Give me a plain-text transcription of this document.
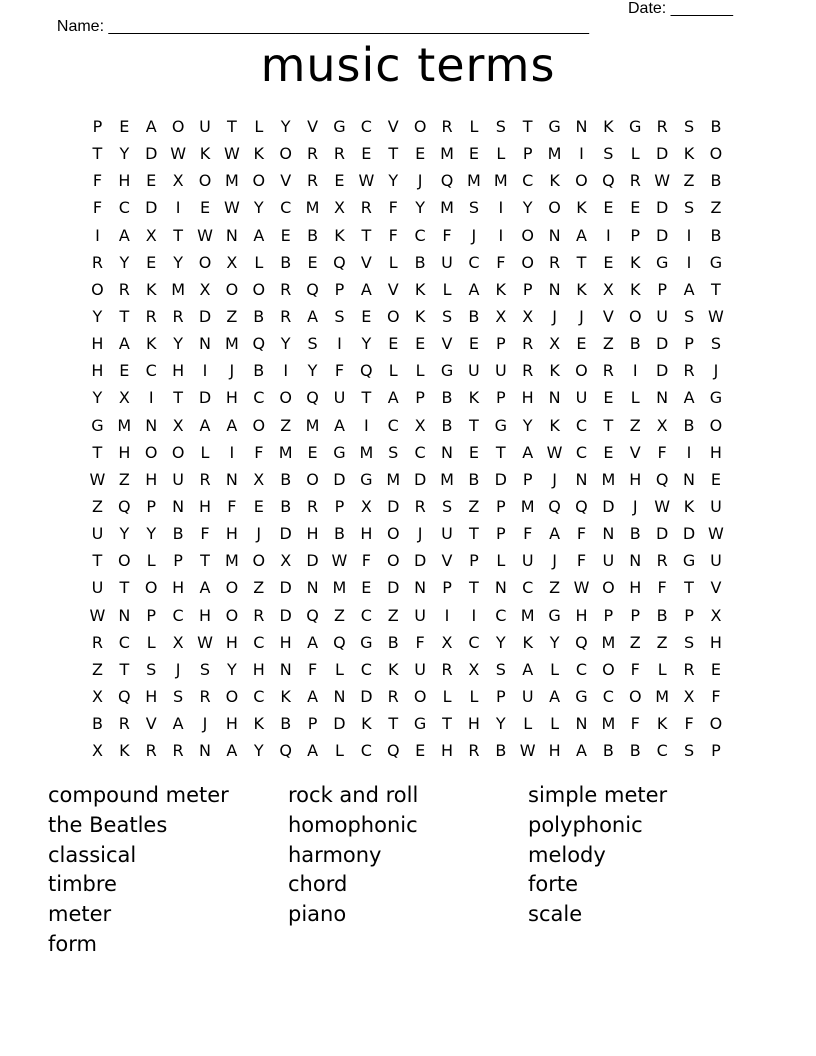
Name: ______________________________________________________

Date: _______

music terms
P	E	A O U	T	L	Y	V G C V O R	L	S	T G N K G R	S	B
T	Y D W K W K O R R	E	T	E M E	L	P M	I	S	L	D K O
F	H E	X O M O V R	E W Y	J	Q M M C	K O Q R W Z B
F	C D	I	E W Y	C M X R	F	Y M S	I	Y O K	E	E D S	Z
I	A X	T W N A	E	B	K	T	F	C	F	J	I	O N A	I	P D	I	B
R	Y	E	Y O X	L	B	E Q V	L	B U C	F O R	T	E	K G	I	G
O R	K M X O O R Q P	A V	K	L	A	K	P	N K	X	K	P	A	T
Y	T	R R D Z B R A	S	E O K	S	B X X	J	J	V O U S W
H A	K	Y	N M Q Y	S	I	Y	E	E	V	E	P	R X	E	Z B D P	S
H E	C H	I	J	B	I	Y	F Q	L	L	G U U R	K O R	I	D R	J
Y	X	I	T D H C O Q U	T	A	P	B	K	P	H N U E	L	N A G
G M N X A A O Z M A	I	C X B	T G Y	K	C	T	Z X B O
T H O O	L	I	F M E G M S	C N E	T	A W C	E	V	F	I	H
W Z H U R N X B O D G M D M B D P	J	N M H Q N E
Z Q P	N H	F	E	B R	P	X D R	S	Z	P M Q Q D	J	W K U
U	Y	Y	B	F	H	J	D H B H O	J	U	T	P	F	A	F	N B D D W
T O	L	P	T M O X D W F O D V	P	L	U	J	F	U N R G U
U	T O H A O Z D N M E D N	P	T	N C Z W O H	F	T	V
W N	P	C H O R D Q Z C Z U	I	I	C M G H	P	P	B	P	X
R C	L	X W H C H A Q G B	F	X C	Y	K	Y Q M Z Z	S H
Z	T	S	J	S	Y H N	F	L	C	K U R X	S	A	L	C O	F	L	R	E
X Q H S	R O C	K	A N D R O	L	L	P	U A G C O M X	F
B R V A	J	H K	B	P D K	T G T H Y	L	L	N M F	K	F O
X	K	R R N A	Y Q A	L	C Q E H R B W H A B B C	S	P
compound meter	rock and roll	simple meter
the Beatles	homophonic	polyphonic
classical	harmony	melody
timbre	chord	forte
meter	piano	scale
form
